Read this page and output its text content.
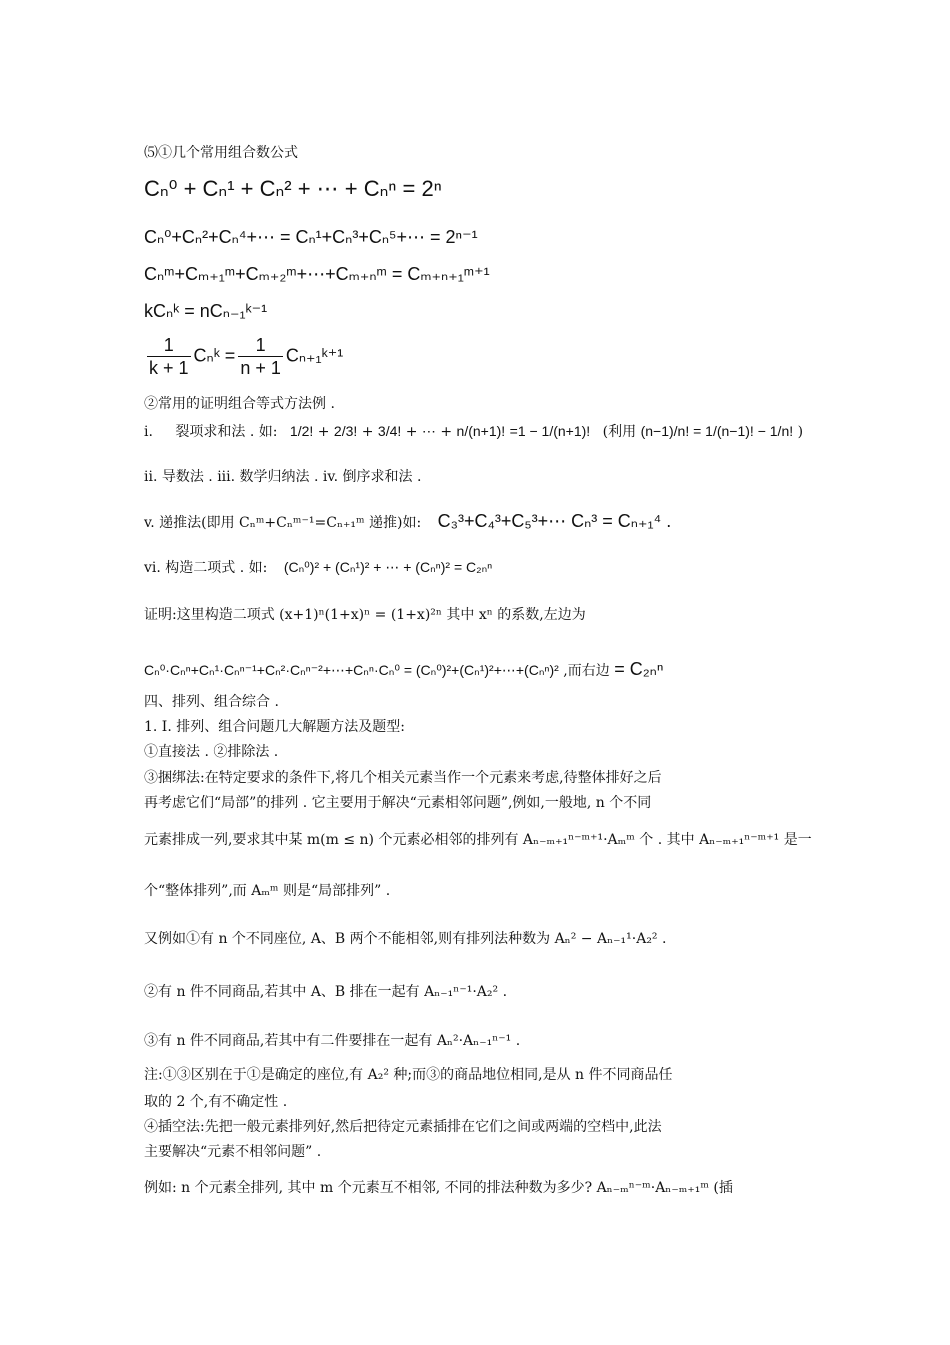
⑸①几个常用组合数公式
Cₙ⁰ + Cₙ¹ + Cₙ² + ⋯ + Cₙⁿ = 2ⁿ
Cₙ⁰+Cₙ²+Cₙ⁴+⋯ = Cₙ¹+Cₙ³+Cₙ⁵+⋯ = 2ⁿ⁻¹
Cₙᵐ+Cₘ₊₁ᵐ+Cₘ₊₂ᵐ+⋯+Cₘ₊ₙᵐ = Cₘ₊ₙ₊₁ᵐ⁺¹
kCₙᵏ = nCₙ₋₁ᵏ⁻¹
$\frac{1}{k + 1}$ Cₙᵏ = $\frac{1}{n + 1}$ Cₙ₊₁ᵏ⁺¹
②常用的证明组合等式方法例 .
i. 裂项求和法 . 如: 1/2! + 2/3! + 3/4! + ⋯ + n/(n+1)! =1 − 1/(n+1)! (利用 (n−1)/n! = 1/(n−1)! − 1/n! )
ii. 导数法 . iii. 数学归纳法 . iv. 倒序求和法 .
v. 递推法(即用 Cₙᵐ+Cₙᵐ⁻¹=Cₙ₊₁ᵐ 递推)如: C₃³+C₄³+C₅³+⋯ Cₙ³ = Cₙ₊₁⁴ .
vi. 构造二项式 . 如: (Cₙ⁰)² + (Cₙ¹)² + ⋯ + (Cₙⁿ)² = C₂ₙⁿ
证明:这里构造二项式 (x+1)ⁿ(1+x)ⁿ = (1+x)²ⁿ 其中 xⁿ 的系数,左边为
Cₙ⁰·Cₙⁿ+Cₙ¹·Cₙⁿ⁻¹+Cₙ²·Cₙⁿ⁻²+⋯+Cₙⁿ·Cₙ⁰ = (Cₙ⁰)²+(Cₙ¹)²+⋯+(Cₙⁿ)² ,而右边 = C₂ₙⁿ
四、排列、组合综合 .
1. I. 排列、组合问题几大解题方法及题型:
①直接法 . ②排除法 .
③捆绑法:在特定要求的条件下,将几个相关元素当作一个元素来考虑,待整体排好之后
再考虑它们“局部”的排列 . 它主要用于解决“元素相邻问题”,例如,一般地, n 个不同
元素排成一列,要求其中某 m(m ≤ n) 个元素必相邻的排列有 Aₙ₋ₘ₊₁ⁿ⁻ᵐ⁺¹·Aₘᵐ 个 . 其中 Aₙ₋ₘ₊₁ⁿ⁻ᵐ⁺¹ 是一
个“整体排列”,而 Aₘᵐ 则是“局部排列” .
又例如①有 n 个不同座位, A、B 两个不能相邻,则有排列法种数为 Aₙ² − Aₙ₋₁¹·A₂² .
②有 n 件不同商品,若其中 A、B 排在一起有 Aₙ₋₁ⁿ⁻¹·A₂² .
③有 n 件不同商品,若其中有二件要排在一起有 Aₙ²·Aₙ₋₁ⁿ⁻¹ .
注:①③区别在于①是确定的座位,有 A₂² 种;而③的商品地位相同,是从 n 件不同商品任
取的 2 个,有不确定性 .
④插空法:先把一般元素排列好,然后把待定元素插排在它们之间或两端的空档中,此法
主要解决“元素不相邻问题” .
例如: n 个元素全排列, 其中 m 个元素互不相邻, 不同的排法种数为多少? Aₙ₋ₘⁿ⁻ᵐ·Aₙ₋ₘ₊₁ᵐ (插
